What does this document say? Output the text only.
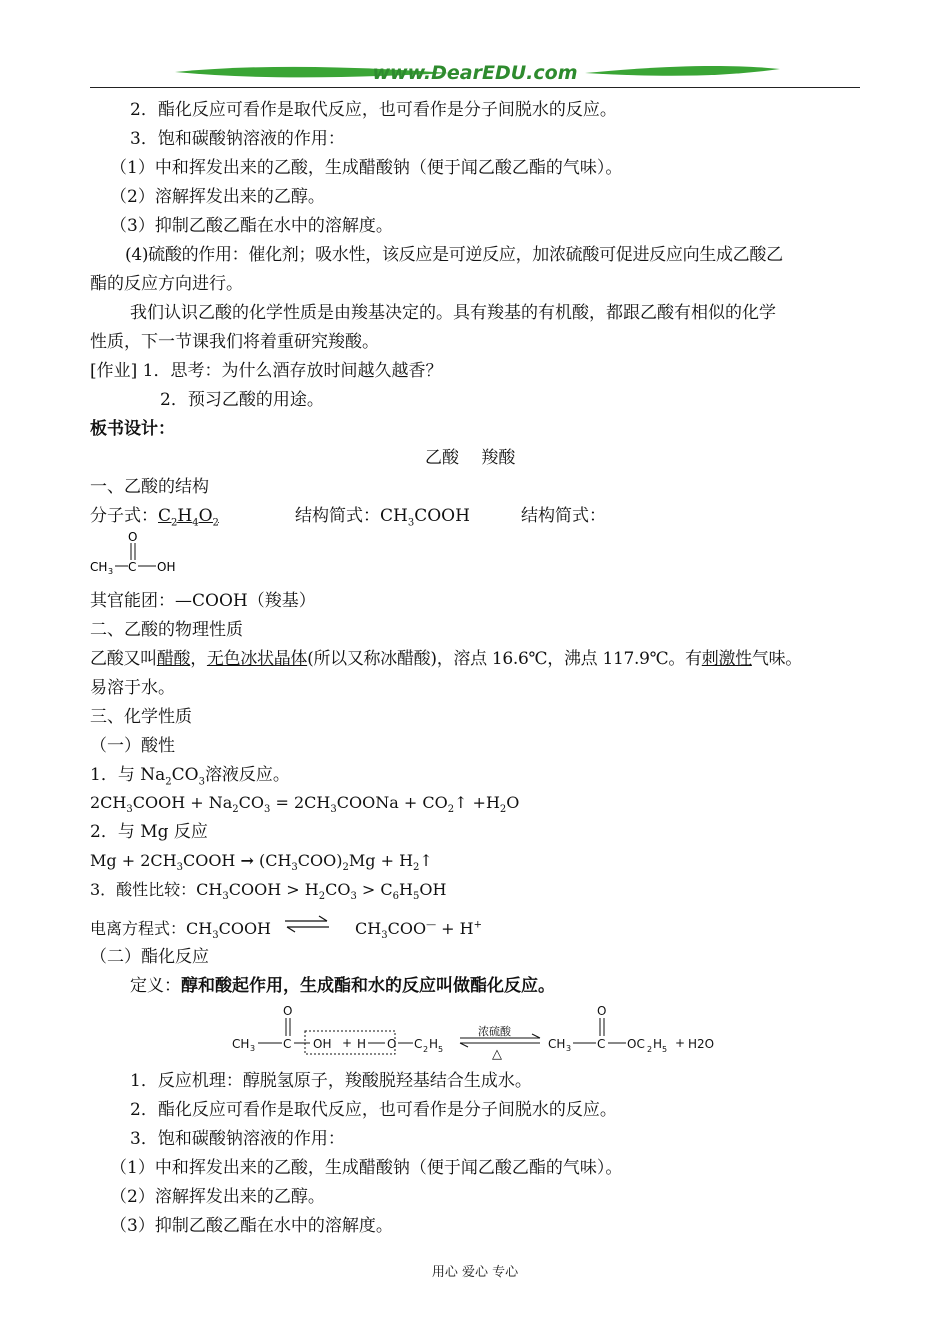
www.DearEDU.com
2．酯化反应可看作是取代反应，也可看作是分子间脱水的反应。
3．饱和碳酸钠溶液的作用：
（1）中和挥发出来的乙酸，生成醋酸钠（便于闻乙酸乙酯的气味）。
（2）溶解挥发出来的乙醇。
（3）抑制乙酸乙酯在水中的溶解度。
(4)硫酸的作用：催化剂；吸水性，该反应是可逆反应，加浓硫酸可促进反应向生成乙酸乙
酯的反应方向进行。
我们认识乙酸的化学性质是由羧基决定的。具有羧基的有机酸，都跟乙酸有相似的化学
性质，下一节课我们将着重研究羧酸。
[作业] 1．思考：为什么酒存放时间越久越香？
2．预习乙酸的用途。
板书设计：
乙酸　 羧酸
一、乙酸的结构
分子式：$C_2H_4O_2$	结构简式：$CH_3COOH$	结构简式：
CH 3 C
O
OH
其官能团：—COOH（羧基）
二、乙酸的物理性质
乙酸又叫醋酸，无色冰状晶体(所以又称冰醋酸)，溶点 16.6℃，沸点 117.9℃。有刺激性气味。
易溶于水。
三、化学性质
（一）酸性
1．与 $Na_2CO_3$溶液反应。
$2CH_3COOH + Na_2CO_3$ = $2CH_3COONa$ + $CO_2↑ +H_2O$
2．与 Mg 反应
$Mg + 2CH_3COOH \to (CH_3COO)_2Mg$ + $H_2↑$
3．酸性比较：$CH_3COOH > H_2CO_3 > C_6H_5OH$
电离方程式：$CH_3COOH$ ⇌ $CH_3COO^— + H^+$
（二）酯化反应
定义：醇和酸起作用，生成酯和水的反应叫做酯化反应。
CH 3 C
O
OH + H O C 2 H 5
浓硫酸
△
CH 3 C
O
OC 2 H 5 + H2O
1．反应机理：醇脱氢原子，羧酸脱羟基结合生成水。
2．酯化反应可看作是取代反应，也可看作是分子间脱水的反应。
3．饱和碳酸钠溶液的作用：
（1）中和挥发出来的乙酸，生成醋酸钠（便于闻乙酸乙酯的气味）。
（2）溶解挥发出来的乙醇。
（3）抑制乙酸乙酯在水中的溶解度。
用心 爱心 专心
